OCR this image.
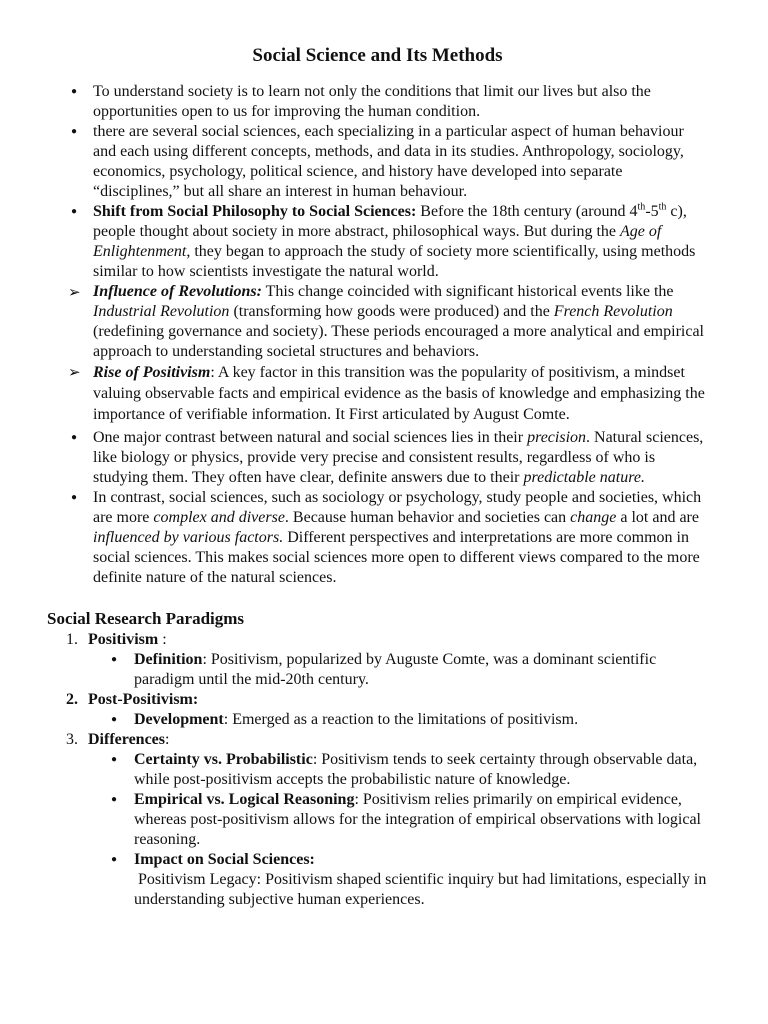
Social Science and Its Methods
● To understand society is to learn not only the conditions that limit our lives but also the opportunities open to us for improving the human condition.
● there are several social sciences, each specializing in a particular aspect of human behaviour and each using different concepts, methods, and data in its studies. Anthropology, sociology, economics, psychology, political science, and history have developed into separate “disciplines,” but all share an interest in human behaviour.
● Shift from Social Philosophy to Social Sciences: Before the 18th century (around 4th-5th c), people thought about society in more abstract, philosophical ways. But during the Age of Enlightenment, they began to approach the study of society more scientifically, using methods similar to how scientists investigate the natural world.
➢ Influence of Revolutions: This change coincided with significant historical events like the Industrial Revolution (transforming how goods were produced) and the French Revolution (redefining governance and society). These periods encouraged a more analytical and empirical approach to understanding societal structures and behaviors.
➢ Rise of Positivism: A key factor in this transition was the popularity of positivism, a mindset valuing observable facts and empirical evidence as the basis of knowledge and emphasizing the importance of verifiable information. It First articulated by August Comte.
● One major contrast between natural and social sciences lies in their precision. Natural sciences, like biology or physics, provide very precise and consistent results, regardless of who is studying them. They often have clear, definite answers due to their predictable nature.
● In contrast, social sciences, such as sociology or psychology, study people and societies, which are more complex and diverse. Because human behavior and societies can change a lot and are influenced by various factors. Different perspectives and interpretations are more common in social sciences. This makes social sciences more open to different views compared to the more definite nature of the natural sciences.
Social Research Paradigms
1. Positivism :
● Definition: Positivism, popularized by Auguste Comte, was a dominant scientific paradigm until the mid-20th century.
2. Post-Positivism:
● Development: Emerged as a reaction to the limitations of positivism.
3. Differences:
● Certainty vs. Probabilistic: Positivism tends to seek certainty through observable data, while post-positivism accepts the probabilistic nature of knowledge.
● Empirical vs. Logical Reasoning: Positivism relies primarily on empirical evidence, whereas post-positivism allows for the integration of empirical observations with logical reasoning.
● Impact on Social Sciences:
Positivism Legacy: Positivism shaped scientific inquiry but had limitations, especially in understanding subjective human experiences.
